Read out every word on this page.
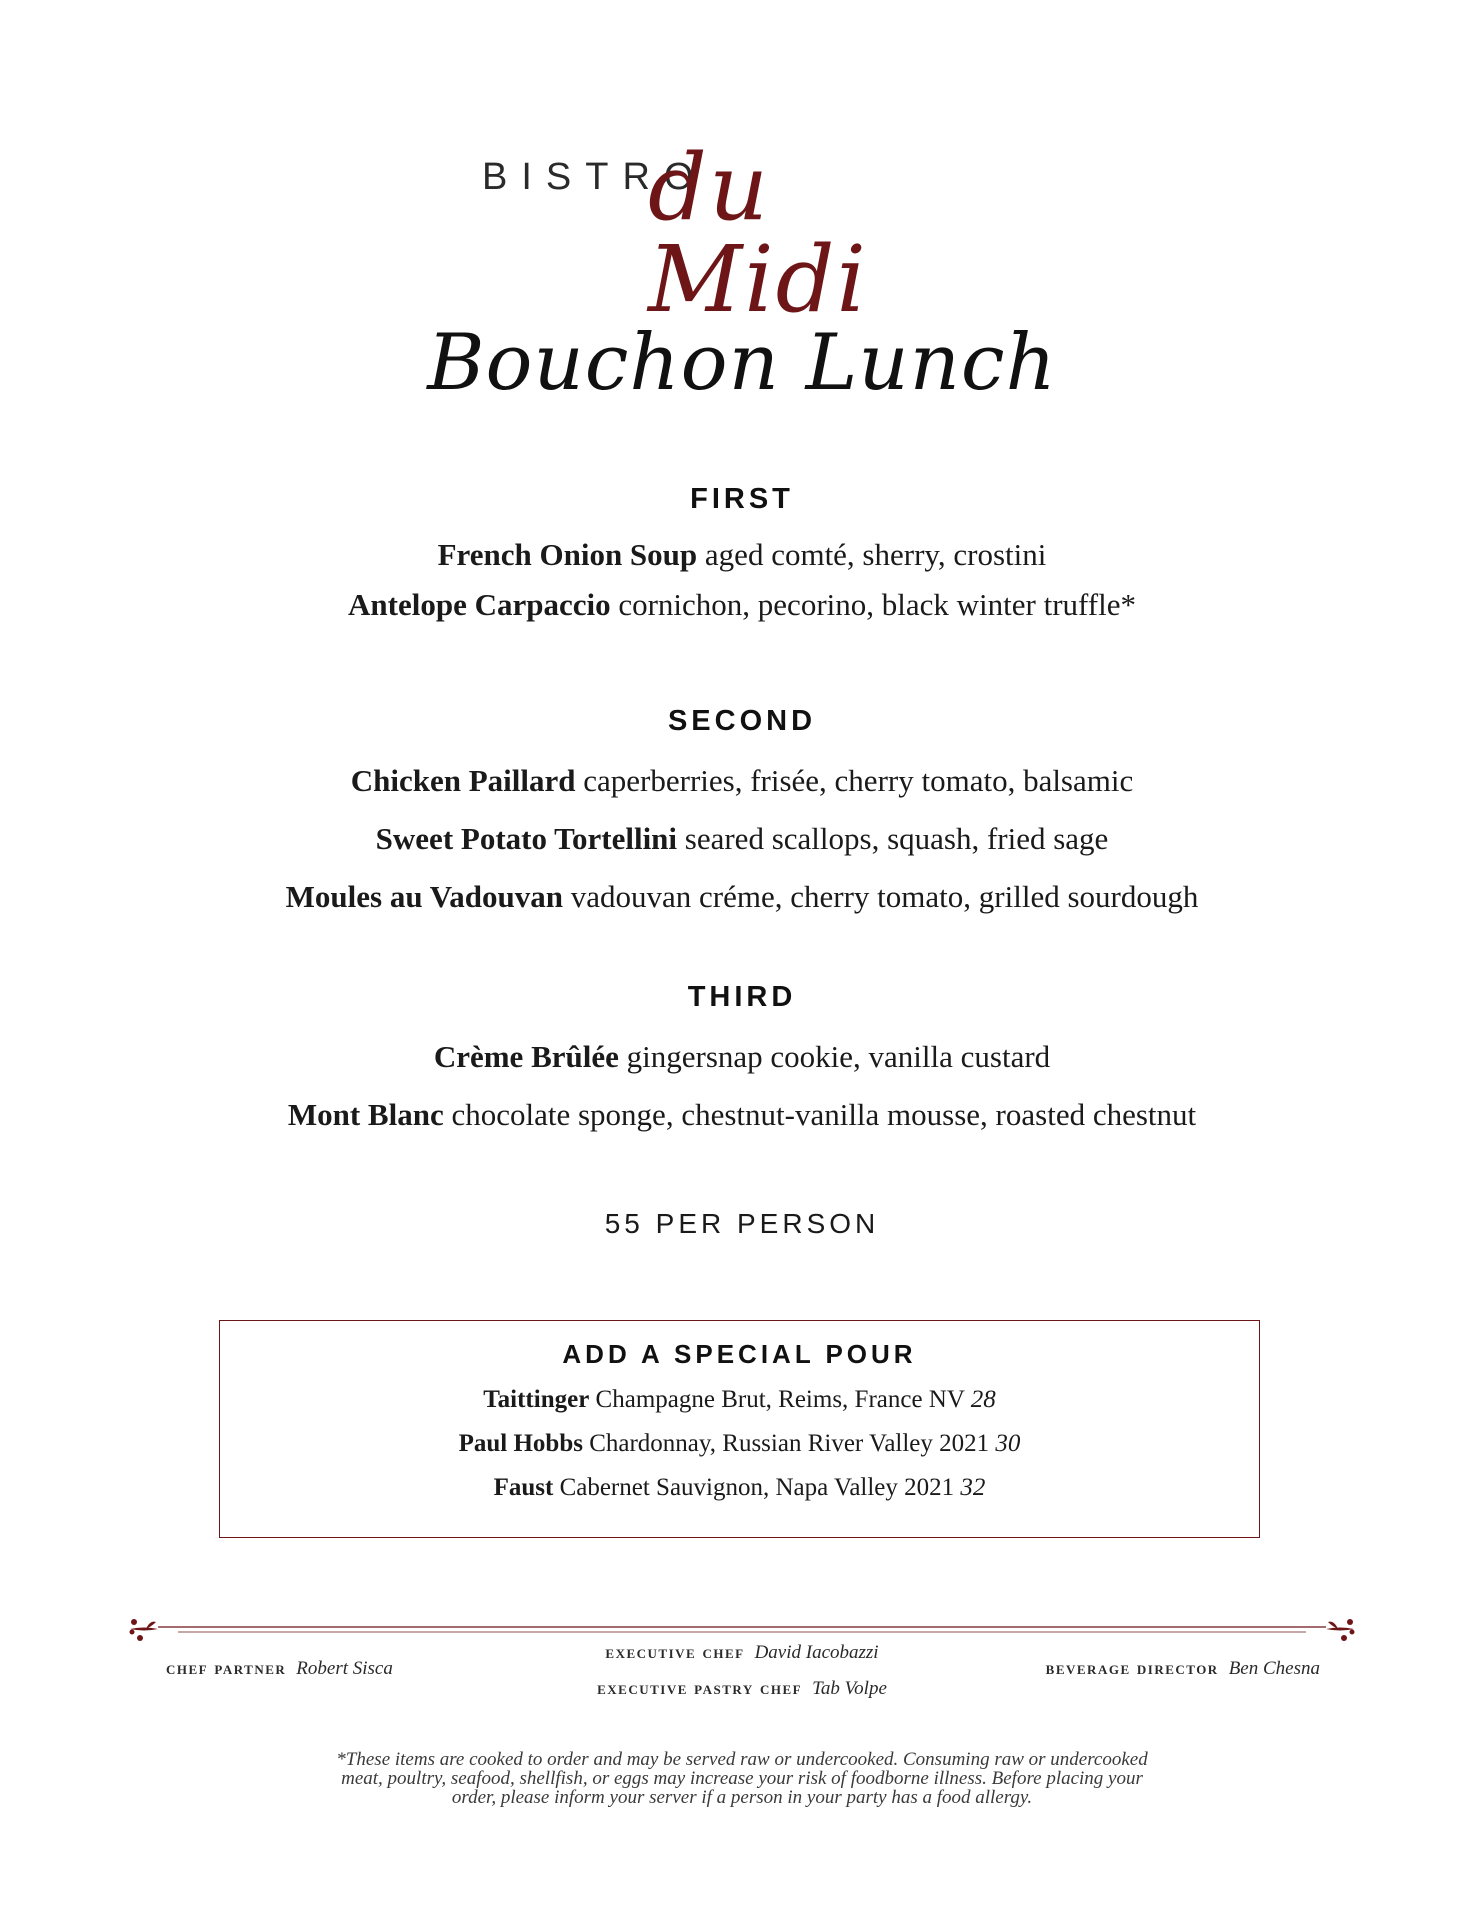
BISTRO
du Midi
Bouchon Lunch
FIRST

French Onion Soup aged comté, sherry, crostini

Antelope Carpaccio cornichon, pecorino, black winter truffle*

SECOND

Chicken Paillard caperberries, frisée, cherry tomato, balsamic

Sweet Potato Tortellini seared scallops, squash, fried sage

Moules au Vadouvan vadouvan créme, cherry tomato, grilled sourdough

THIRD

Crème Brûlée gingersnap cookie, vanilla custard

Mont Blanc chocolate sponge, chestnut-vanilla mousse, roasted chestnut

55 PER PERSON
ADD A SPECIAL POUR
Taittinger Champagne Brut, Reims, France NV 28
Paul Hobbs Chardonnay, Russian River Valley 2021 30
Faust Cabernet Sauvignon, Napa Valley 2021 32
chef partner Robert Sisca
executive chef David Iacobazzi
executive pastry chef Tab Volpe
beverage director Ben Chesna
*These items are cooked to order and may be served raw or undercooked. Consuming raw or undercooked
meat, poultry, seafood, shellfish, or eggs may increase your risk of foodborne illness. Before placing your
order, please inform your server if a person in your party has a food allergy.
